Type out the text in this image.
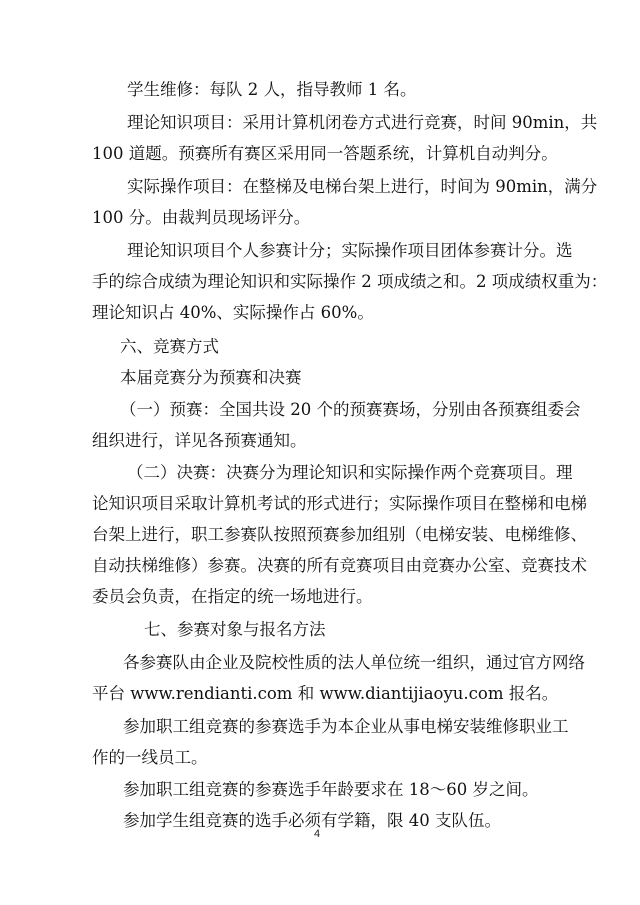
学生维修：每队 2 人，指导教师 1 名。
理论知识项目：采用计算机闭卷方式进行竞赛，时间 90min，共
100 道题。预赛所有赛区采用同一答题系统，计算机自动判分。
实际操作项目：在整梯及电梯台架上进行，时间为 90min，满分
100 分。由裁判员现场评分。
理论知识项目个人参赛计分；实际操作项目团体参赛计分。选
手的综合成绩为理论知识和实际操作 2 项成绩之和。2 项成绩权重为：
理论知识占 40%、实际操作占 60%。
六、竞赛方式
本届竞赛分为预赛和决赛
（一）预赛：全国共设 20 个的预赛赛场，分别由各预赛组委会
组织进行，详见各预赛通知。
（二）决赛：决赛分为理论知识和实际操作两个竞赛项目。理
论知识项目采取计算机考试的形式进行；实际操作项目在整梯和电梯
台架上进行，职工参赛队按照预赛参加组别（电梯安装、电梯维修、
自动扶梯维修）参赛。决赛的所有竞赛项目由竞赛办公室、竞赛技术
委员会负责，在指定的统一场地进行。
七、参赛对象与报名方法
各参赛队由企业及院校性质的法人单位统一组织，通过官方网络
平台 www.rendianti.com 和 www.diantijiaoyu.com 报名。
参加职工组竞赛的参赛选手为本企业从事电梯安装维修职业工
作的一线员工。
参加职工组竞赛的参赛选手年龄要求在 18～60 岁之间。
参加学生组竞赛的选手必须有学籍，限 40 支队伍。
4
